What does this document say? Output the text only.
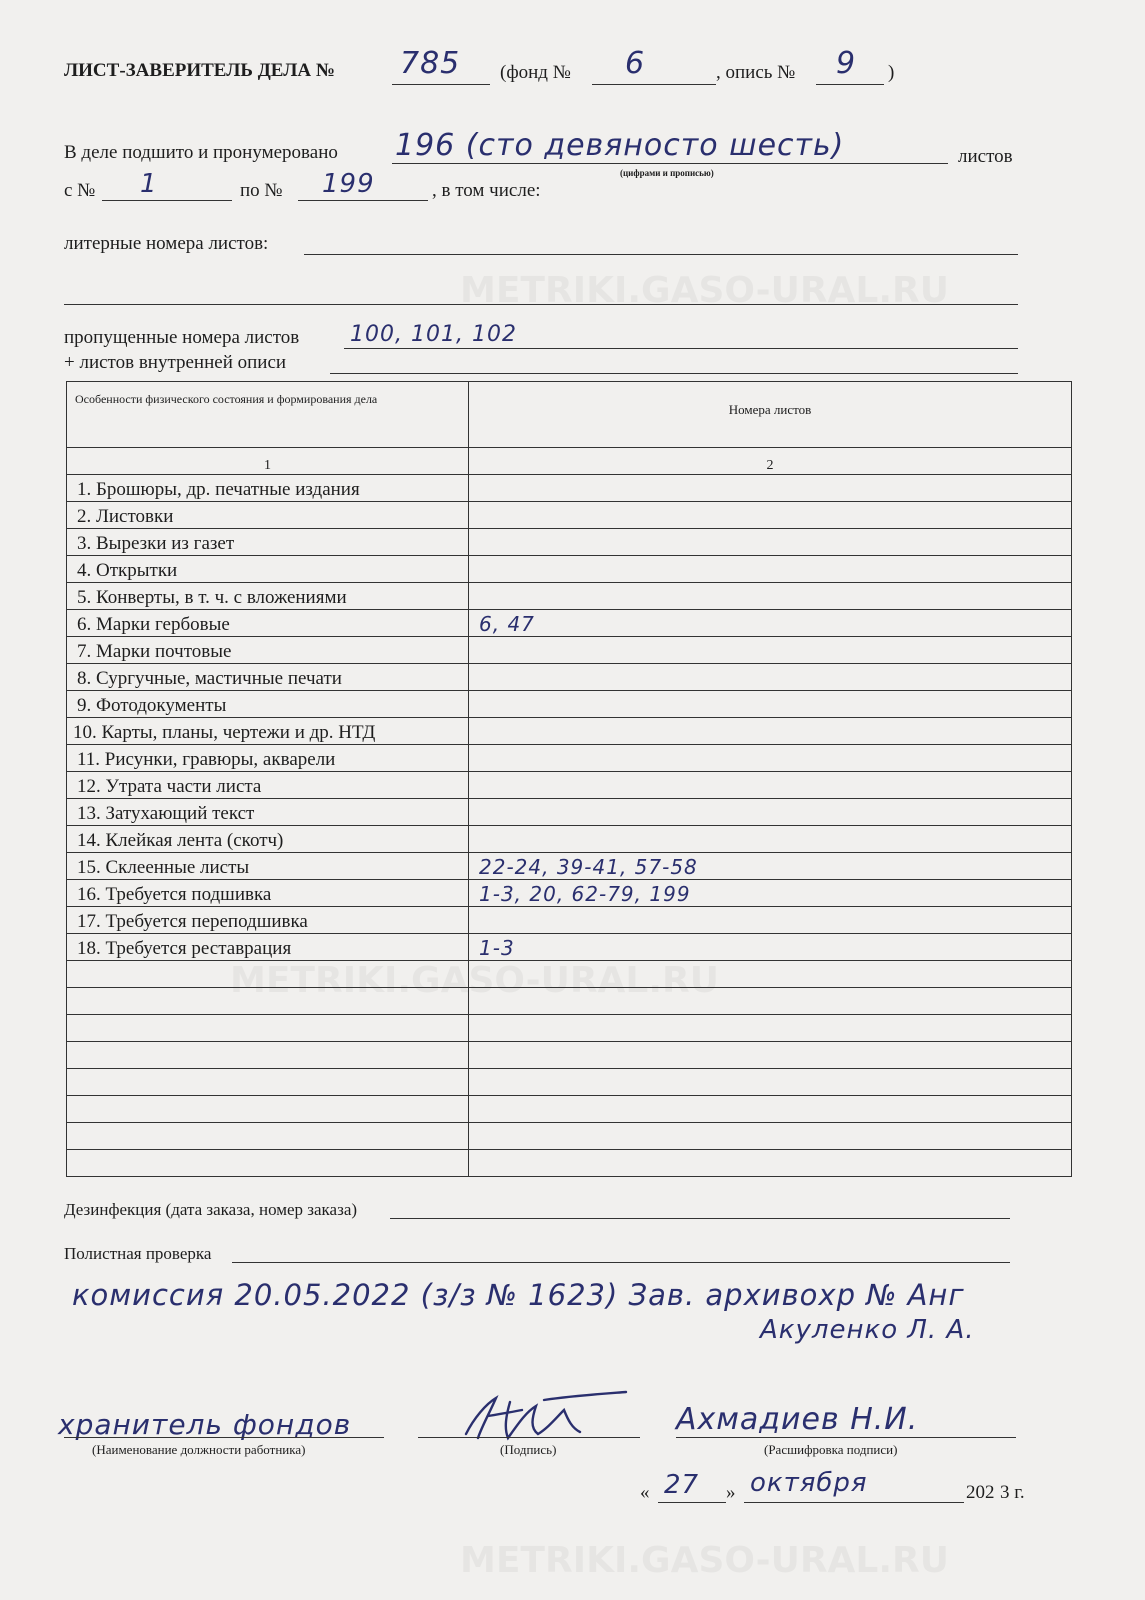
ЛИСТ-ЗАВЕРИТЕЛЬ ДЕЛА № 785 (фонд № 6	, опись № 9 )
В деле подшито и пронумеровано 196 (сто девяносто шесть)	листов
(цифрами и прописью)
с № 1	по № 199	, в том числе:
литерные номера листов:
пропущенные номера листов 100, 101, 102
+ листов внутренней описи
Особенности физического состояния и формирования дела	Номера листов
1	2
1. Брошюры, др. печатные издания	
2. Листовки	
3. Вырезки из газет	
4. Открытки	
5. Конверты, в т. ч. с вложениями	
6. Марки гербовые	6, 47
7. Марки почтовые	
8. Сургучные, мастичные печати	
9. Фотодокументы	
10. Карты, планы, чертежи и др. НТД	
11. Рисунки, гравюры, акварели	
12. Утрата части листа	
13. Затухающий текст	
14. Клейкая лента (скотч)	
15. Склеенные листы	22-24, 39-41, 57-58
16. Требуется подшивка	1-3, 20, 62-79, 199
17. Требуется переподшивка	
18. Требуется реставрация	1-3

Дезинфекция (дата заказа, номер заказа)
Полистная проверка
комиссия 20.05.2022 (з/з № 1623) Зав. архивохр № Анг
Акуленко Л. А.
хранитель фондов
(Наименование должности работника)	(Подпись)
Ахмадиев Н.И.
(Расшифровка подписи)
« 27 » октября	202 3 г.
